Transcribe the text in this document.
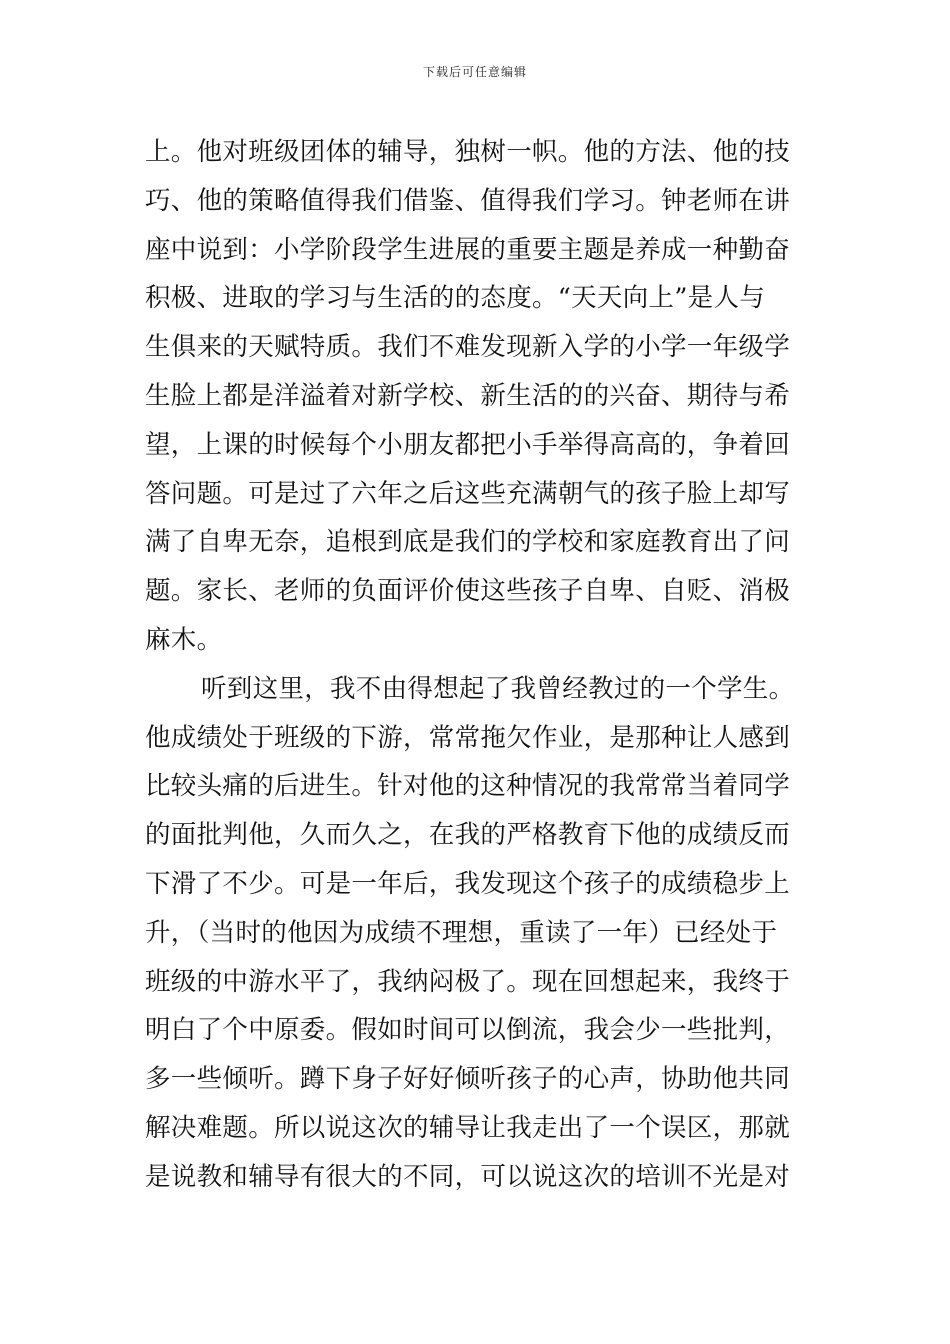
下载后可任意编辑
上。他对班级团体的辅导，独树一帜。他的方法、他的技
巧、他的策略值得我们借鉴、值得我们学习。钟老师在讲
座中说到：小学阶段学生进展的重要主题是养成一种勤奋
积极、进取的学习与生活的的态度。“天天向上”是人与
生俱来的天赋特质。我们不难发现新入学的小学一年级学
生脸上都是洋溢着对新学校、新生活的的兴奋、期待与希
望，上课的时候每个小朋友都把小手举得高高的，争着回
答问题。可是过了六年之后这些充满朝气的孩子脸上却写
满了自卑无奈，追根到底是我们的学校和家庭教育出了问
题。家长、老师的负面评价使这些孩子自卑、自贬、消极
麻木。
听到这里，我不由得想起了我曾经教过的一个学生。
他成绩处于班级的下游，常常拖欠作业，是那种让人感到
比较头痛的后进生。针对他的这种情况的我常常当着同学
的面批判他，久而久之，在我的严格教育下他的成绩反而
下滑了不少。可是一年后，我发现这个孩子的成绩稳步上
升，（当时的他因为成绩不理想，重读了一年）已经处于
班级的中游水平了，我纳闷极了。现在回想起来，我终于
明白了个中原委。假如时间可以倒流，我会少一些批判，
多一些倾听。蹲下身子好好倾听孩子的心声，协助他共同
解决难题。所以说这次的辅导让我走出了一个误区，那就
是说教和辅导有很大的不同，可以说这次的培训不光是对
